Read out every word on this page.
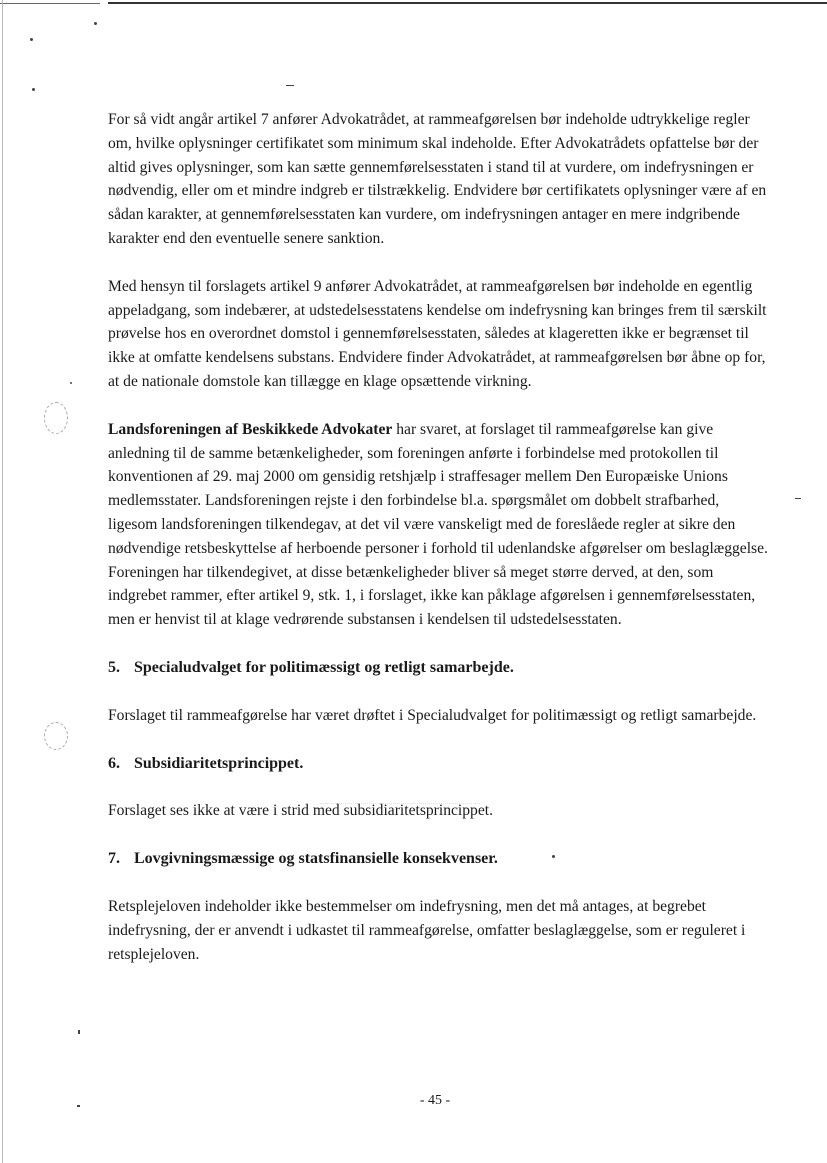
For så vidt angår artikel 7 anfører Advokatrådet, at rammeafgørelsen bør indeholde udtrykkelige regler om, hvilke oplysninger certifikatet som minimum skal indeholde. Efter Advokatrådets opfattelse bør der altid gives oplysninger, som kan sætte gennemførelsesstaten i stand til at vurdere, om indefrysningen er nødvendig, eller om et mindre indgreb er tilstrækkelig. Endvidere bør certifikatets oplysninger være af en sådan karakter, at gennemførelsesstaten kan vurdere, om indefrysningen antager en mere indgribende karakter end den eventuelle senere sanktion.

Med hensyn til forslagets artikel 9 anfører Advokatrådet, at rammeafgørelsen bør indeholde en egentlig appeladgang, som indebærer, at udstedelsesstatens kendelse om indefrysning kan bringes frem til særskilt prøvelse hos en overordnet domstol i gennemførelsesstaten, således at klageretten ikke er begrænset til ikke at omfatte kendelsens substans. Endvidere finder Advokatrådet, at rammeafgørelsen bør åbne op for, at de nationale domstole kan tillægge en klage opsættende virkning.

Landsforeningen af Beskikkede Advokater har svaret, at forslaget til rammeafgørelse kan give anledning til de samme betænkeligheder, som foreningen anførte i forbindelse med protokollen til konventionen af 29. maj 2000 om gensidig retshjælp i straffesager mellem Den Europæiske Unions medlemsstater. Landsforeningen rejste i den forbindelse bl.a. spørgsmålet om dobbelt strafbarhed, ligesom landsforeningen tilkendegav, at det vil være vanskeligt med de foreslåede regler at sikre den nødvendige retsbeskyttelse af herboende personer i forhold til udenlandske afgørelser om beslaglæggelse. Foreningen har tilkendegivet, at disse betænkeligheder bliver så meget større derved, at den, som indgrebet rammer, efter artikel 9, stk. 1, i forslaget, ikke kan påklage afgørelsen i gennemførelsesstaten, men er henvist til at klage vedrørende substansen i kendelsen til udstedelsesstaten.

5. Specialudvalget for politimæssigt og retligt samarbejde.

Forslaget til rammeafgørelse har været drøftet i Specialudvalget for politimæssigt og retligt samarbejde.

6. Subsidiaritetsprincippet.

Forslaget ses ikke at være i strid med subsidiaritetsprincippet.

7. Lovgivningsmæssige og statsfinansielle konsekvenser.

Retsplejeloven indeholder ikke bestemmelser om indefrysning, men det må antages, at begrebet indefrysning, der er anvendt i udkastet til rammeafgørelse, omfatter beslaglæggelse, som er reguleret i retsplejeloven.

- 45 -
